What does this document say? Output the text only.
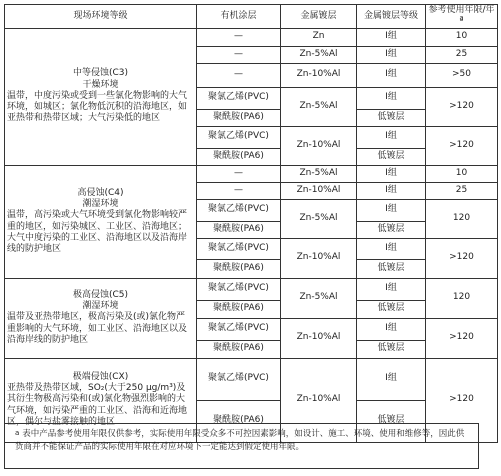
现场环境等级	有机涂层	金属镀层	金属镀层等级	参考使用年限/年ª

中等侵蚀(C3)
干燥环境
温带，中度污染或受到一些氯化物影响的大气环境，如城区；氯化物低沉积的沿海地区，如亚热带和热带区域；大气污染低的地区	—	Zn	Ⅰ组	10
	—	Zn-5%Al	Ⅰ组	25
	—	Zn-10%Al	Ⅰ组	>50
	聚氯乙烯(PVC)	Zn-5%Al	Ⅰ组	>120
	聚酰胺(PA6)		低镀层	
	聚氯乙烯(PVC)	Zn-10%Al	Ⅰ组	>120
	聚酰胺(PA6)		低镀层	

高侵蚀(C4)
潮湿环境
温带，高污染或大气环境受到氯化物影响较严重的地区，如污染城区、工业区、沿海地区；大气中度污染的工业区、沿海地区以及沿海岸线的防护地区	—	Zn-5%Al	Ⅰ组	10
	—	Zn-10%Al	Ⅰ组	25
	聚氯乙烯(PVC)	Zn-5%Al	Ⅰ组	120
	聚酰胺(PA6)		低镀层	
	聚氯乙烯(PVC)	Zn-10%Al	Ⅰ组	>120
	聚酰胺(PA6)		低镀层	

极高侵蚀(C5)
潮湿环境
温带及亚热带地区，极高污染及(或)氯化物严重影响的大气环境，如工业区、沿海地区以及沿海岸线的防护地区	聚氯乙烯(PVC)	Zn-5%Al	Ⅰ组	120
	聚酰胺(PA6)		低镀层	
	聚氯乙烯(PVC)	Zn-10%Al	Ⅰ组	>120
	聚酰胺(PA6)		低镀层	

极端侵蚀(CX)
亚热带及热带区域，SO₂(大于250 μg/m³)及其衍生物极高污染和(或)氯化物强烈影响的大气环境，如污染严重的工业区、沿海和近海地区，偶尔与盐雾接触的地区	聚氯乙烯(PVC)	Zn-10%Al	Ⅰ组	>120
	聚酰胺(PA6)		低镀层	
$^a$ 表中产品参考使用年限仅供参考，实际使用年限受众多不可控因素影响，如设计、施工、环境、使用和维修等，因此供货商并不能保证产品的实际使用年限在对应环境下一定能达到假定使用年限。
